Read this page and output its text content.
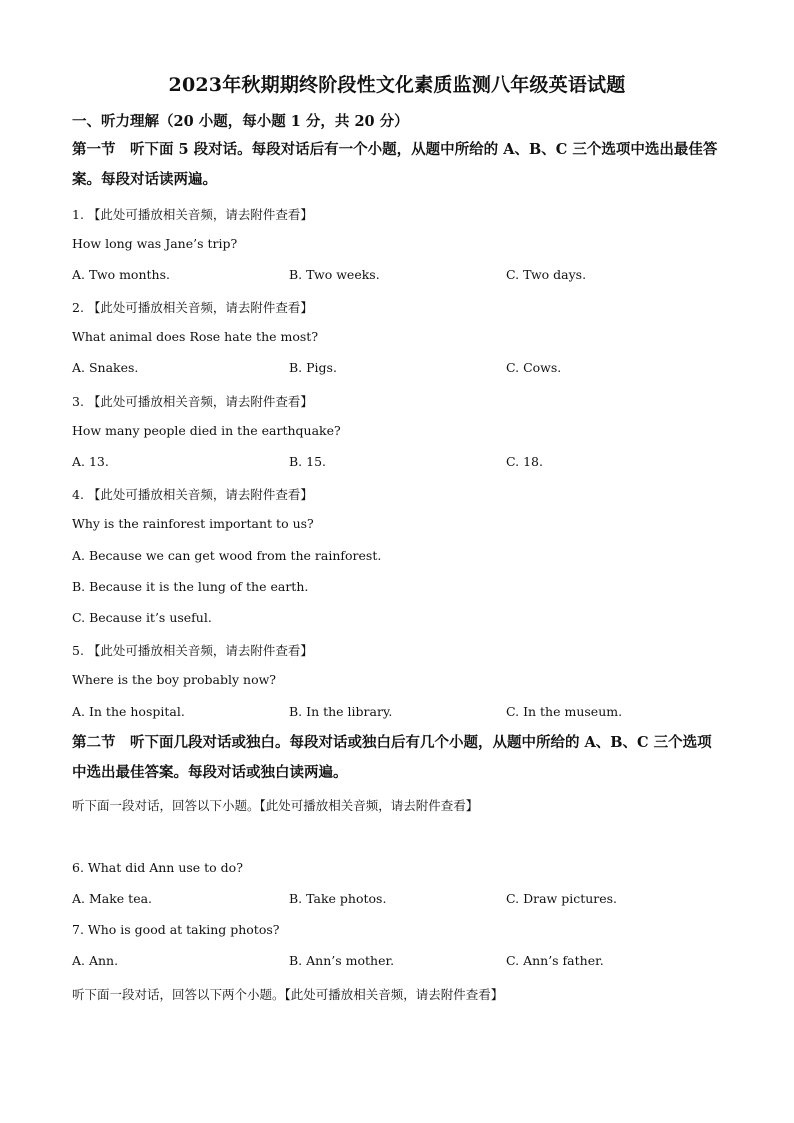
2023年秋期期终阶段性文化素质监测八年级英语试题
一、听力理解（20 小题，每小题 1 分，共 20 分）
第一节　听下面 5 段对话。每段对话后有一个小题，从题中所给的 A、B、C 三个选项中选出最佳答案。每段对话读两遍。
1. 【此处可播放相关音频，请去附件查看】
How long was Jane’s trip?
A. Two months.	B. Two weeks.	C. Two days.
2. 【此处可播放相关音频，请去附件查看】
What animal does Rose hate the most?
A. Snakes.	B. Pigs.	C. Cows.
3. 【此处可播放相关音频，请去附件查看】
How many people died in the earthquake?
A. 13.	B. 15.	C. 18.
4. 【此处可播放相关音频，请去附件查看】
Why is the rainforest important to us?
A. Because we can get wood from the rainforest.
B. Because it is the lung of the earth.
C. Because it’s useful.
5. 【此处可播放相关音频，请去附件查看】
Where is the boy probably now?
A. In the hospital.	B. In the library.	C. In the museum.
第二节　听下面几段对话或独白。每段对话或独白后有几个小题，从题中所给的 A、B、C 三个选项中选出最佳答案。每段对话或独白读两遍。
听下面一段对话，回答以下小题。【此处可播放相关音频，请去附件查看】
6. What did Ann use to do?
A. Make tea.	B. Take photos.	C. Draw pictures.
7. Who is good at taking photos?
A. Ann.	B. Ann’s mother.	C. Ann’s father.
听下面一段对话，回答以下两个小题。【此处可播放相关音频，请去附件查看】
